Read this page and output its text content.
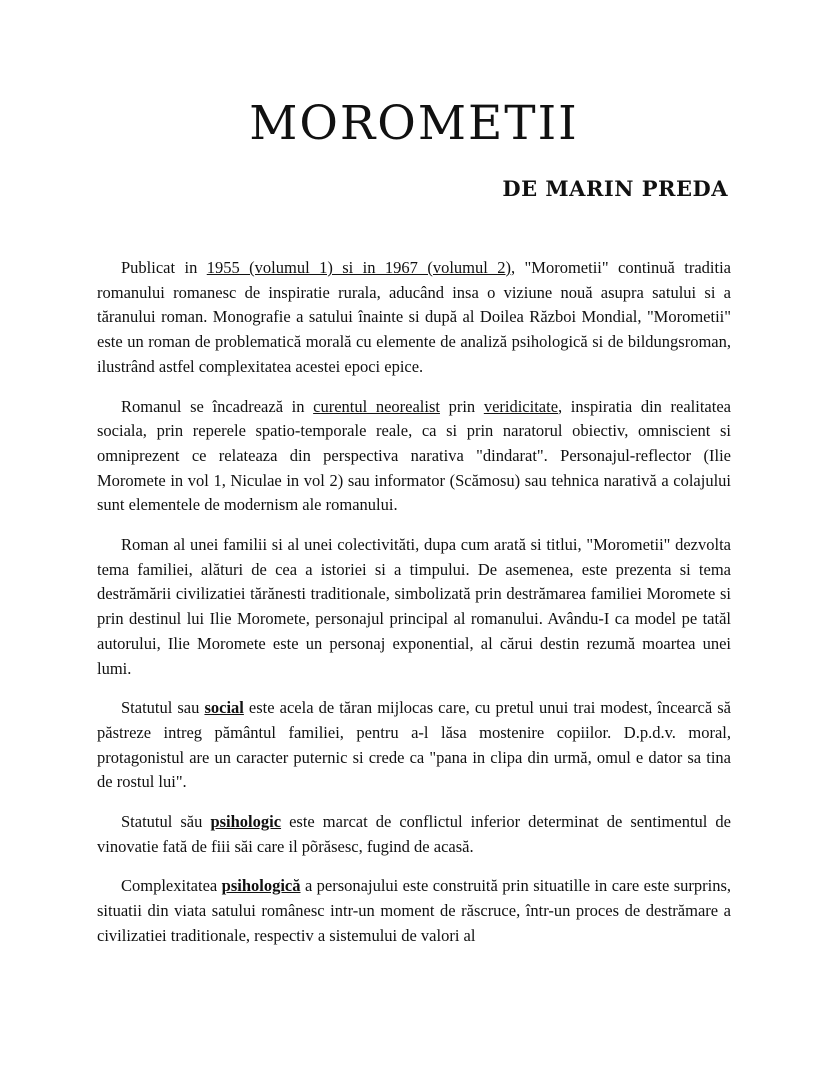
MOROMETII
DE MARIN PREDA

Publicat in 1955 (volumul 1) si in 1967 (volumul 2), "Morometii" continuă traditia romanului romanesc de inspiratie rurala, aducând insa o viziune nouă asupra satului si a tăranului roman. Monografie a satului înainte si după al Doilea Război Mondial, "Morometii" este un roman de problematică morală cu elemente de analiză psihologică si de bildungsroman, ilustrând astfel complexitatea acestei epoci epice.

Romanul se încadrează in curentul neorealist prin veridicitate, inspiratia din realitatea sociala, prin reperele spatio-temporale reale, ca si prin naratorul obiectiv, omniscient si omniprezent ce relateaza din perspectiva narativa "dindarat". Personajul-reflector (Ilie Moromete in vol 1, Niculae in vol 2) sau informator (Scămosu) sau tehnica narativă a colajului sunt elementele de modernism ale romanului.

Roman al unei familii si al unei colectivităti, dupa cum arată si titlui, "Morometii" dezvolta tema familiei, alături de cea a istoriei si a timpului. De asemenea, este prezenta si tema destrămării civilizatiei tărănesti traditionale, simbolizată prin destrămarea familiei Moromete si prin destinul lui Ilie Moromete, personajul principal al romanului. Avându-I ca model pe tatăl autorului, Ilie Moromete este un personaj exponential, al cărui destin rezumă moartea unei lumi.

Statutul sau social este acela de tăran mijlocas care, cu pretul unui trai modest, încearcă să păstreze intreg pământul familiei, pentru a-l lăsa mostenire copiilor. D.p.d.v. moral, protagonistul are un caracter puternic si crede ca "pana in clipa din urmă, omul e dator sa tina de rostul lui".

Statutul său psihologic este marcat de conflictul inferior determinat de sentimentul de vinovatie fată de fiii săi care il põrăsesc, fugind de acasă.

Complexitatea psihologică a personajului este construită prin situatille in care este surprins, situatii din viata satului românesc intr-un moment de răscruce, într-un proces de destrămare a civilizatiei traditionale, respectiv a sistemului de valori al
